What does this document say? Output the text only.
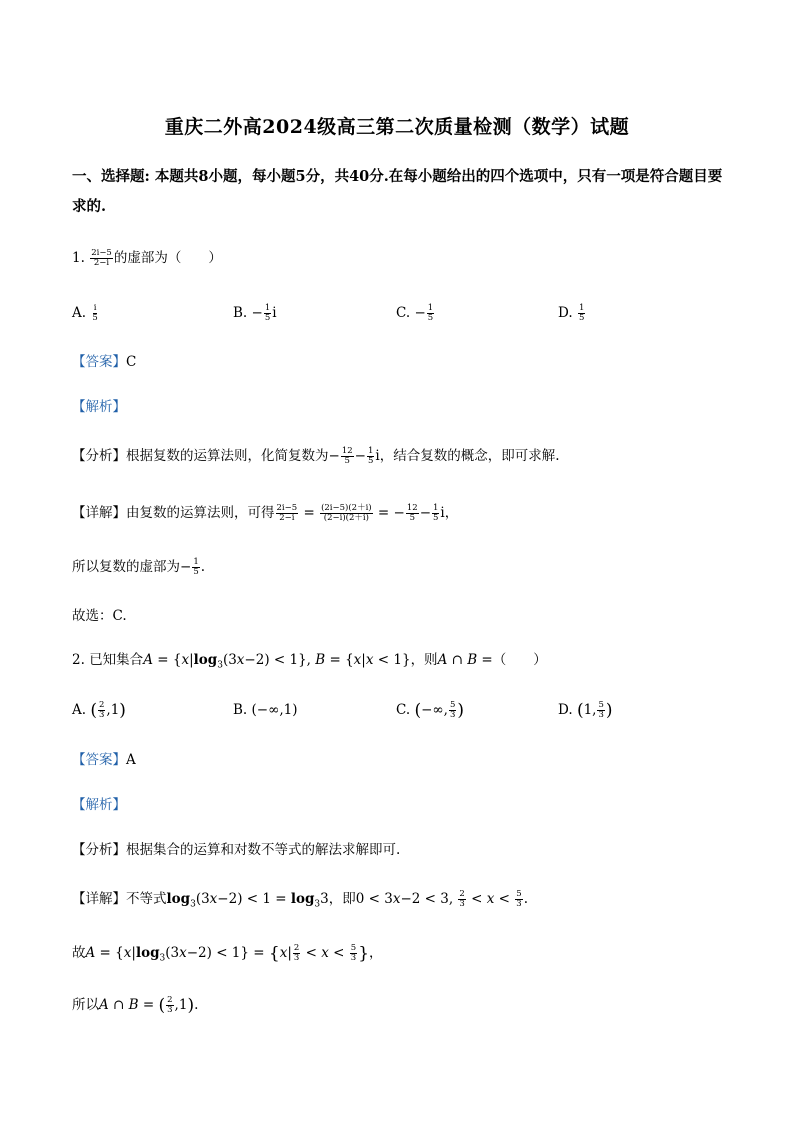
重庆二外高2024级高三第二次质量检测（数学）试题
一、选择题: 本题共8小题，每小题5分，共40分.在每小题给出的四个选项中，只有一项是符合题目要求的.
1. $\frac{2i-5}{2-i}$ 的虚部为（　　）
A. $\frac{i}{5}$	B. − $\frac{1}{5}$ i	C. − $\frac{1}{5}$	D. $\frac{1}{5}$
【答案】C
【解析】
【分析】根据复数的运算法则，化简复数为− $\frac{12}{5} - \frac{1}{5}$ i，结合复数的概念，即可求解.
【详解】由复数的运算法则，可得 $\frac{2i-5}{2-i} = \frac{(2i-5)(2+i)}{(2-i)(2+i)}$ = − $\frac{12}{5} - \frac{1}{5}$ i，
所以复数的虚部为− $\frac{1}{5}$ .
故选：C.
2. 已知集合$A = \{x|\log_3(3x-2) < 1\}$, B = {x|x < 1}，则A ∩ B =（　　）
A. ( $\frac{2}{3} ,1$)	B. (−∞,1)	C. (−∞, $\frac{5}{3}$ )	D. (1, $\frac{5}{3}$ )
【答案】A
【解析】
【分析】根据集合的运算和对数不等式的解法求解即可.
【详解】不等式$\log_3(3x-2) < 1 = \log_33$，即0 < 3x−2 < 3, $\frac{2}{3} < x < \frac{5}{3}$ .
故$A = \{x|\log_3(3x-2) < 1\} = \{x| \frac{2}{3} < x < \frac{5}{3}$ }，
所以A ∩ B = ( $\frac{2}{3} ,1$).
